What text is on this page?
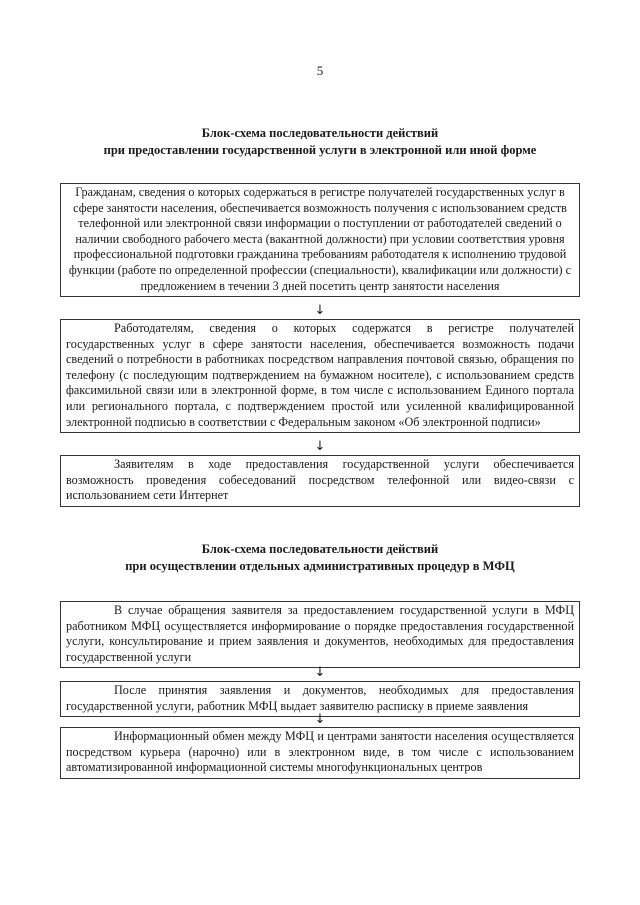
5
Блок-схема последовательности действий
при предоставлении государственной услуги в электронной или иной форме
Гражданам, сведения о которых содержаться в регистре получателей государственных услуг в сфере занятости населения, обеспечивается возможность получения с использованием средств телефонной или электронной связи информации о поступлении от работодателей сведений о наличии свободного рабочего места (вакантной должности) при условии соответствия уровня профессиональной подготовки гражданина требованиям работодателя к исполнению трудовой функции (работе по определенной профессии (специальности), квалификации или должности) с предложением в течении 3 дней посетить центр занятости населения
↓
Работодателям, сведения о которых содержатся в регистре получателей государственных услуг в сфере занятости населения, обеспечивается возможность подачи сведений о потребности в работниках посредством направления почтовой связью, обращения по телефону (с последующим подтверждением на бумажном носителе), с использованием средств факсимильной связи или в электронной форме, в том числе с использованием Единого портала или регионального портала, с подтверждением простой или усиленной квалифицированной электронной подписью в соответствии с Федеральным законом «Об электронной подписи»
↓
Заявителям в ходе предоставления государственной услуги обеспечивается возможность проведения собеседований посредством телефонной или видео-связи с использованием сети Интернет
Блок-схема последовательности действий
при осуществлении отдельных административных процедур в МФЦ
В случае обращения заявителя за предоставлением государственной услуги в МФЦ работником МФЦ осуществляется информирование о порядке предоставления государственной услуги, консультирование и прием заявления и документов, необходимых для предоставления государственной услуги
↓
После принятия заявления и документов, необходимых для предоставления государственной услуги, работник МФЦ выдает заявителю расписку в приеме заявления
↓
Информационный обмен между МФЦ и центрами занятости населения осуществляется посредством курьера (нарочно) или в электронном виде, в том числе с использованием автоматизированной информационной системы многофункциональных центров
